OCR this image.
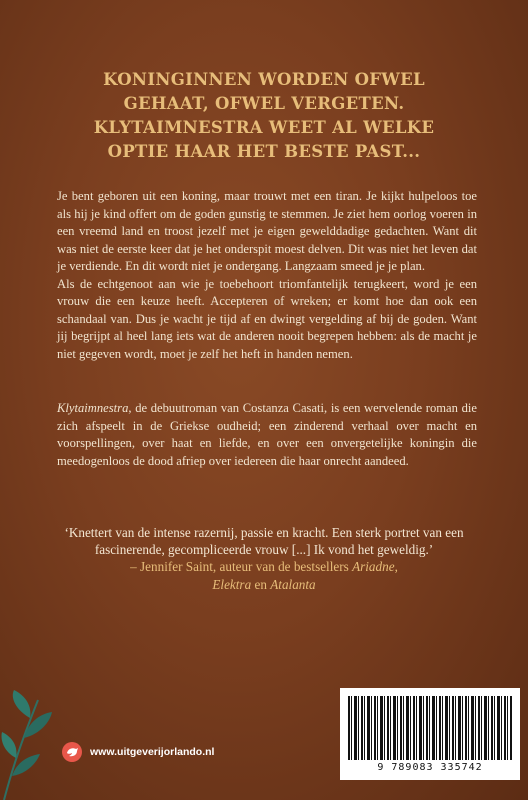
KONINGINNEN WORDEN OFWEL
GEHAAT, OFWEL VERGETEN.
KLYTAIMNESTRA WEET AL WELKE
OPTIE HAAR HET BESTE PAST...

Je bent geboren uit een koning, maar trouwt met een tiran. Je kijkt hulpeloos toe als hij je kind offert om de goden gunstig te stemmen. Je ziet hem oorlog voeren in een vreemd land en troost jezelf met je eigen gewelddadige gedachten. Want dit was niet de eerste keer dat je het onderspit moest delven. Dit was niet het leven dat je verdiende. En dit wordt niet je ondergang. Langzaam smeed je je plan.

Als de echtgenoot aan wie je toebehoort triomfantelijk terugkeert, word je een vrouw die een keuze heeft. Accepteren of wreken; er komt hoe dan ook een schandaal van. Dus je wacht je tijd af en dwingt vergelding af bij de goden. Want jij begrijpt al heel lang iets wat de anderen nooit begrepen hebben: als de macht je niet gegeven wordt, moet je zelf het heft in handen nemen.

Klytaimnestra, de debuutroman van Costanza Casati, is een wervelende roman die zich afspeelt in de Griekse oudheid; een zinderend verhaal over macht en voorspellingen, over haat en liefde, en over een onvergetelijke koningin die meedogenloos de dood afriep over iedereen die haar onrecht aandeed.
‘Knettert van de intense razernij, passie en kracht. Een sterk portret van een fascinerende, gecompliceerde vrouw [...] Ik vond het geweldig.’
– Jennifer Saint, auteur van de bestsellers Ariadne,
Elektra en Atalanta
www.uitgeverijorlando.nl
9 789083 335742
